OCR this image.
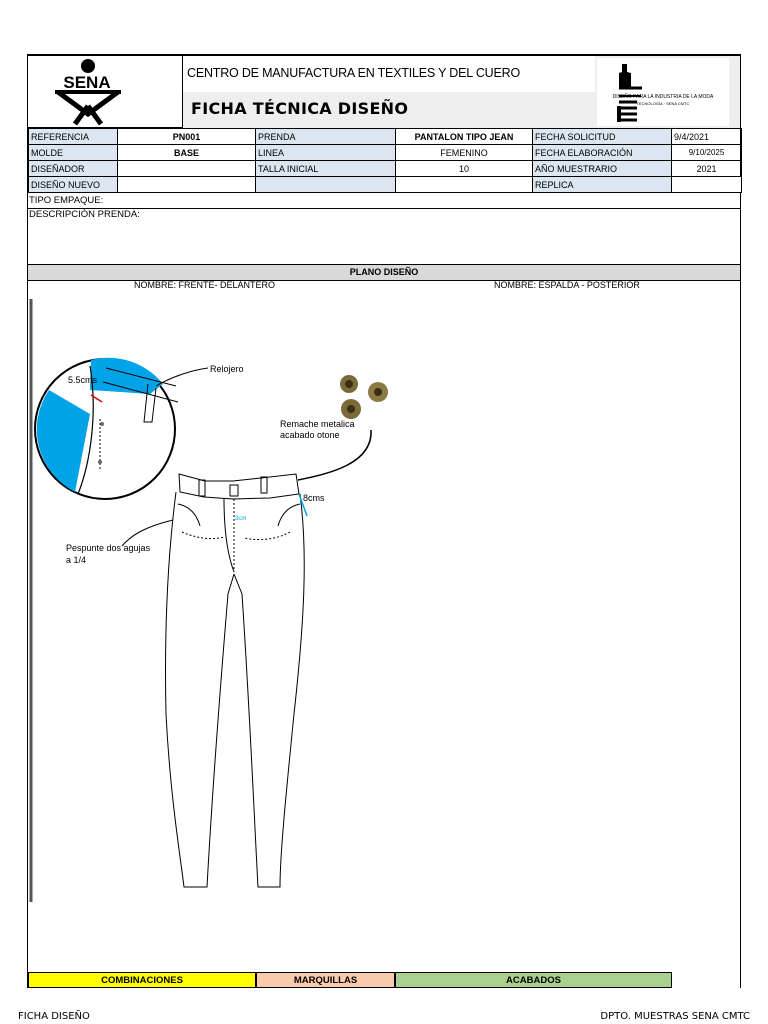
SENA	CENTRO DE MANUFACTURA EN TEXTILES Y DEL CUERO
FICHA TÉCNICA DISEÑO
DISEÑO PARA LA INDUSTRIA DE LA MODA
TECNOLOGÍA · SENA CMTC
REFERENCIA	PN001	PRENDA	PANTALON TIPO JEAN	FECHA SOLICITUD	9/4/2021
MOLDE	BASE	LINEA	FEMENINO	FECHA ELABORACIÓN	9/10/2025
DISEÑADOR		TALLA INICIAL	10	AÑO MUESTRARIO	2021
DISEÑO NUEVO				REPLICA	
TIPO EMPAQUE:
DESCRIPCIÓN PRENDA:
PLANO DISEÑO
NOMBRE: FRENTE- DELANTERO	NOMBRE: ESPALDA - POSTERIOR
5.5cms
Relojero
Remache metalica
acabado otone
8cms
3cm
Pespunte dos agujas
a 1/4
COMBINACIONES	MARQUILLAS	ACABADOS
FICHA DISEÑO	DPTO. MUESTRAS SENA CMTC
